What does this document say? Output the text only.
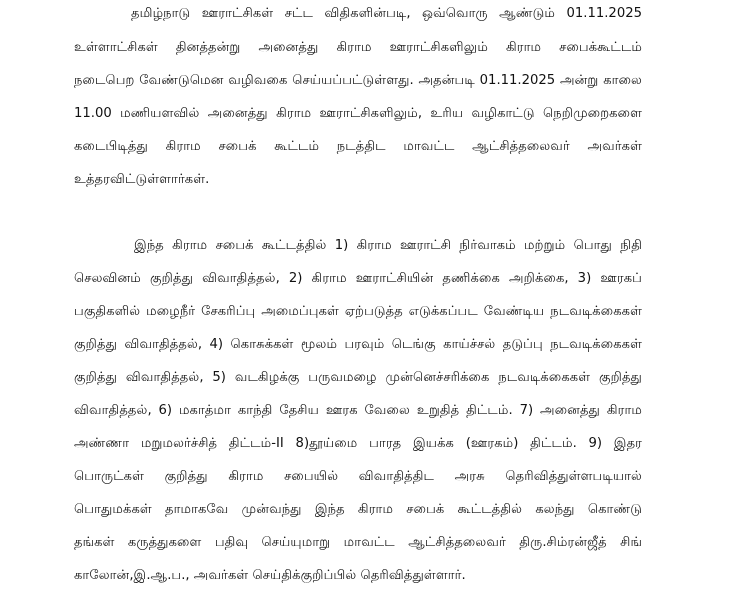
தமிழ்நாடு ஊராட்சிகள் சட்ட விதிகளின்படி, ஒவ்வொரு ஆண்டும் 01.11.2025
உள்ளாட்சிகள் தினத்தன்று அனைத்து கிராம ஊராட்சிகளிலும் கிராம சபைக்கூட்டம்
நடைபெற வேண்டுமென வழிவகை செய்யப்பட்டுள்ளது. அதன்படி 01.11.2025 அன்று காலை
11.00 மணியளவில் அனைத்து கிராம ஊராட்சிகளிலும், உரிய வழிகாட்டு நெறிமுறைகளை
கடைபிடித்து கிராம சபைக் கூட்டம் நடத்திட மாவட்ட ஆட்சித்தலைவர் அவர்கள்
உத்தரவிட்டுள்ளார்கள்.
இந்த கிராம சபைக் கூட்டத்தில் 1) கிராம ஊராட்சி நிர்வாகம் மற்றும் பொது நிதி
செலவினம் குறித்து விவாதித்தல், 2) கிராம ஊராட்சியின் தணிக்கை அறிக்கை, 3) ஊரகப்
பகுதிகளில் மழைநீர் சேகரிப்பு அமைப்புகள் ஏற்படுத்த எடுக்கப்பட வேண்டிய நடவடிக்கைகள்
குறித்து விவாதித்தல், 4) கொசுக்கள் மூலம் பரவும் டெங்கு காய்ச்சல் தடுப்பு நடவடிக்கைகள்
குறித்து விவாதித்தல், 5) வடகிழக்கு பருவமழை முன்னெச்சரிக்கை நடவடிக்கைகள் குறித்து
விவாதித்தல், 6) மகாத்மா காந்தி தேசிய ஊரக வேலை உறுதித் திட்டம். 7) அனைத்து கிராம
அண்ணா மறுமலர்ச்சித் திட்டம்-II 8)தூய்மை பாரத இயக்க (ஊரகம்) திட்டம். 9) இதர
பொருட்கள் குறித்து கிராம சபையில் விவாதித்திட அரசு தெரிவித்துள்ளபடியால்
பொதுமக்கள் தாமாகவே முன்வந்து இந்த கிராம சபைக் கூட்டத்தில் கலந்து கொண்டு
தங்கள் கருத்துகளை பதிவு செய்யுமாறு மாவட்ட ஆட்சித்தலைவர் திரு.சிம்ரன்ஜீத் சிங்
காலோன்,இ.ஆ.ப., அவர்கள் செய்திக்குறிப்பில் தெரிவித்துள்ளார்.
